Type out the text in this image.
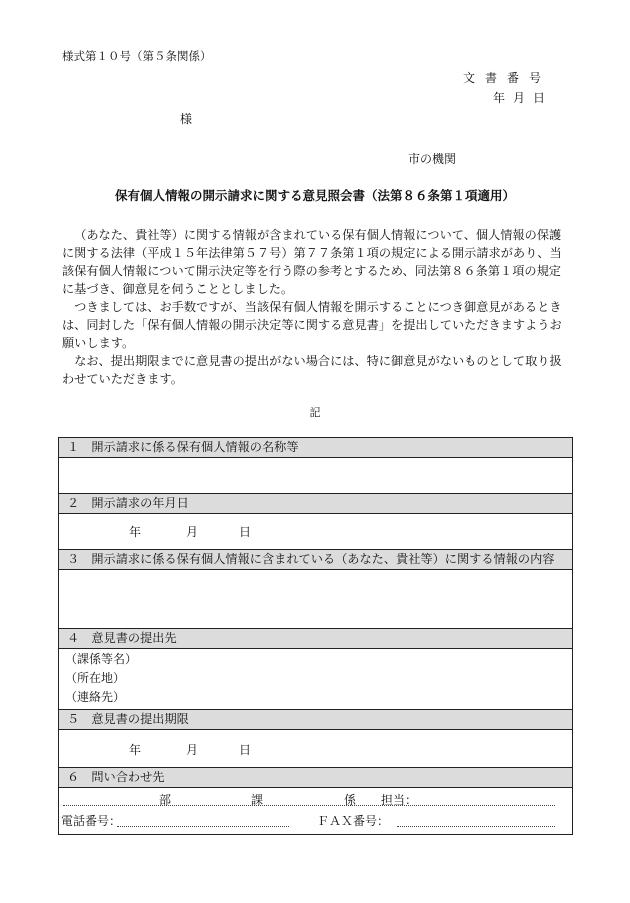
様式第１０号（第５条関係）
文書番号
年月日
様
市の機関
保有個人情報の開示請求に関する意見照会書（法第８６条第１項適用）

（あなた、貴社等）に関する情報が含まれている保有個人情報について、個人情報の保護に関する法律（平成１５年法律第５７号）第７７条第１項の規定による開示請求があり、当該保有個人情報について開示決定等を行う際の参考とするため、同法第８６条第１項の規定に基づき、御意見を伺うこととしました。

つきましては、お手数ですが、当該保有個人情報を開示することにつき御意見があるときは、同封した「保有個人情報の開示決定等に関する意見書」を提出していただきますようお願いします。

なお、提出期限までに意見書の提出がない場合には、特に御意見がないものとして取り扱わせていただきます。

記
１　開示請求に係る保有個人情報の名称等
２　開示請求の年月日
年	月	日
３　開示請求に係る保有個人情報に含まれている（あなた、貴社等）に関する情報の内容
４　意見書の提出先
（課係等名）
（所在地）
（連絡先）
５　意見書の提出期限
年	月	日
６　問い合わせ先
部	課	係 担当：
電話番号：	ＦＡＸ番号：
